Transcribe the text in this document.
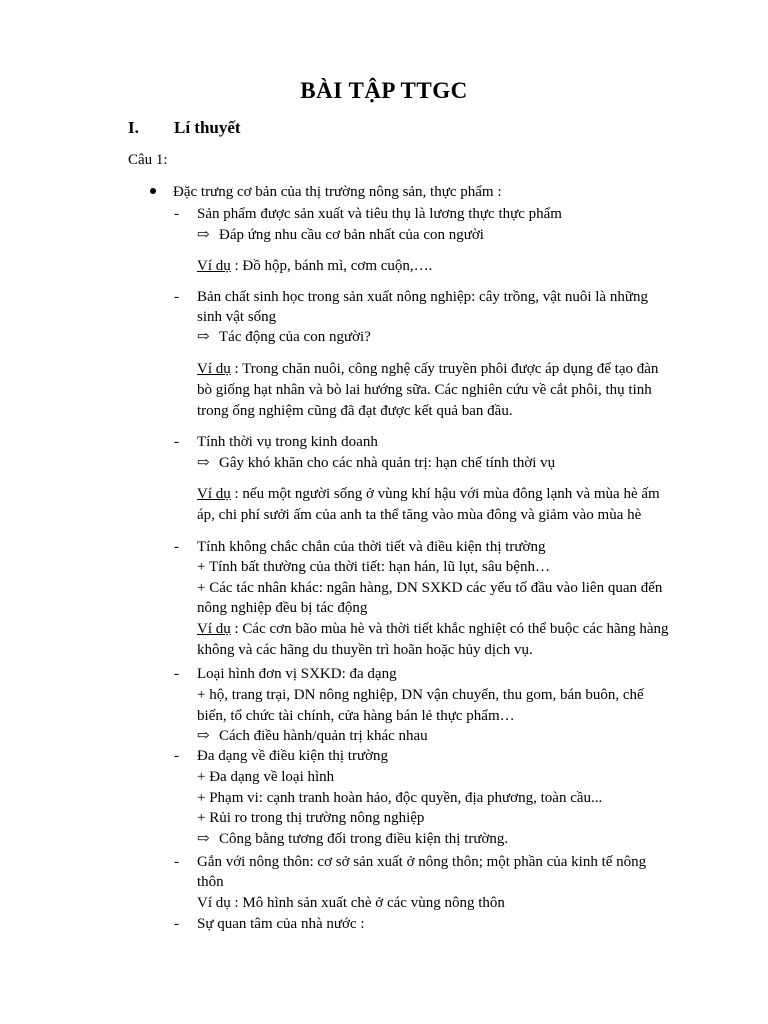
BÀI TẬP TTGC
I. Lí thuyết
Câu 1:
Đặc trưng cơ bản của thị trường nông sản, thực phẩm :
- Sản phẩm được sản xuất và tiêu thụ là lương thực thực phẩm
⇨ Đáp ứng nhu cầu cơ bản nhất của con người
Ví dụ : Đồ hộp, bánh mì, cơm cuộn,….
- Bản chất sinh học trong sản xuất nông nghiệp: cây trồng, vật nuôi là những
sinh vật sống
⇨ Tác động của con người?
Ví dụ : Trong chăn nuôi, công nghệ cấy truyền phôi được áp dụng để tạo đàn
bò giống hạt nhân và bò lai hướng sữa. Các nghiên cứu về cắt phôi, thụ tinh
trong ống nghiệm cũng đã đạt được kết quả ban đầu.
- Tính thời vụ trong kinh doanh
⇨ Gây khó khăn cho các nhà quản trị: hạn chế tính thời vụ
Ví dụ : nếu một người sống ở vùng khí hậu với mùa đông lạnh và mùa hè ấm
áp, chi phí sưởi ấm của anh ta thể tăng vào mùa đông và giảm vào mùa hè
- Tính không chắc chắn của thời tiết và điều kiện thị trường
+ Tính bất thường của thời tiết: hạn hán, lũ lụt, sâu bệnh…
+ Các tác nhân khác: ngân hàng, DN SXKD các yếu tố đầu vào liên quan đến
nông nghiệp đều bị tác động
Ví dụ : Các cơn bão mùa hè và thời tiết khắc nghiệt có thể buộc các hãng hàng
không và các hãng du thuyền trì hoãn hoặc hủy dịch vụ.
- Loại hình đơn vị SXKD: đa dạng
+ hộ, trang trại, DN nông nghiệp, DN vận chuyển, thu gom, bán buôn, chế
biến, tổ chức tài chính, cửa hàng bán lẻ thực phẩm…
⇨ Cách điều hành/quản trị khác nhau
- Đa dạng về điều kiện thị trường
+ Đa dạng về loại hình
+ Phạm vi: cạnh tranh hoàn hảo, độc quyền, địa phương, toàn cầu...
+ Rủi ro trong thị trường nông nghiệp
⇨ Công bằng tương đối trong điều kiện thị trường.
- Gắn với nông thôn: cơ sở sản xuất ở nông thôn; một phần của kinh tế nông
thôn
Ví dụ : Mô hình sản xuất chè ở các vùng nông thôn
- Sự quan tâm của nhà nước :
